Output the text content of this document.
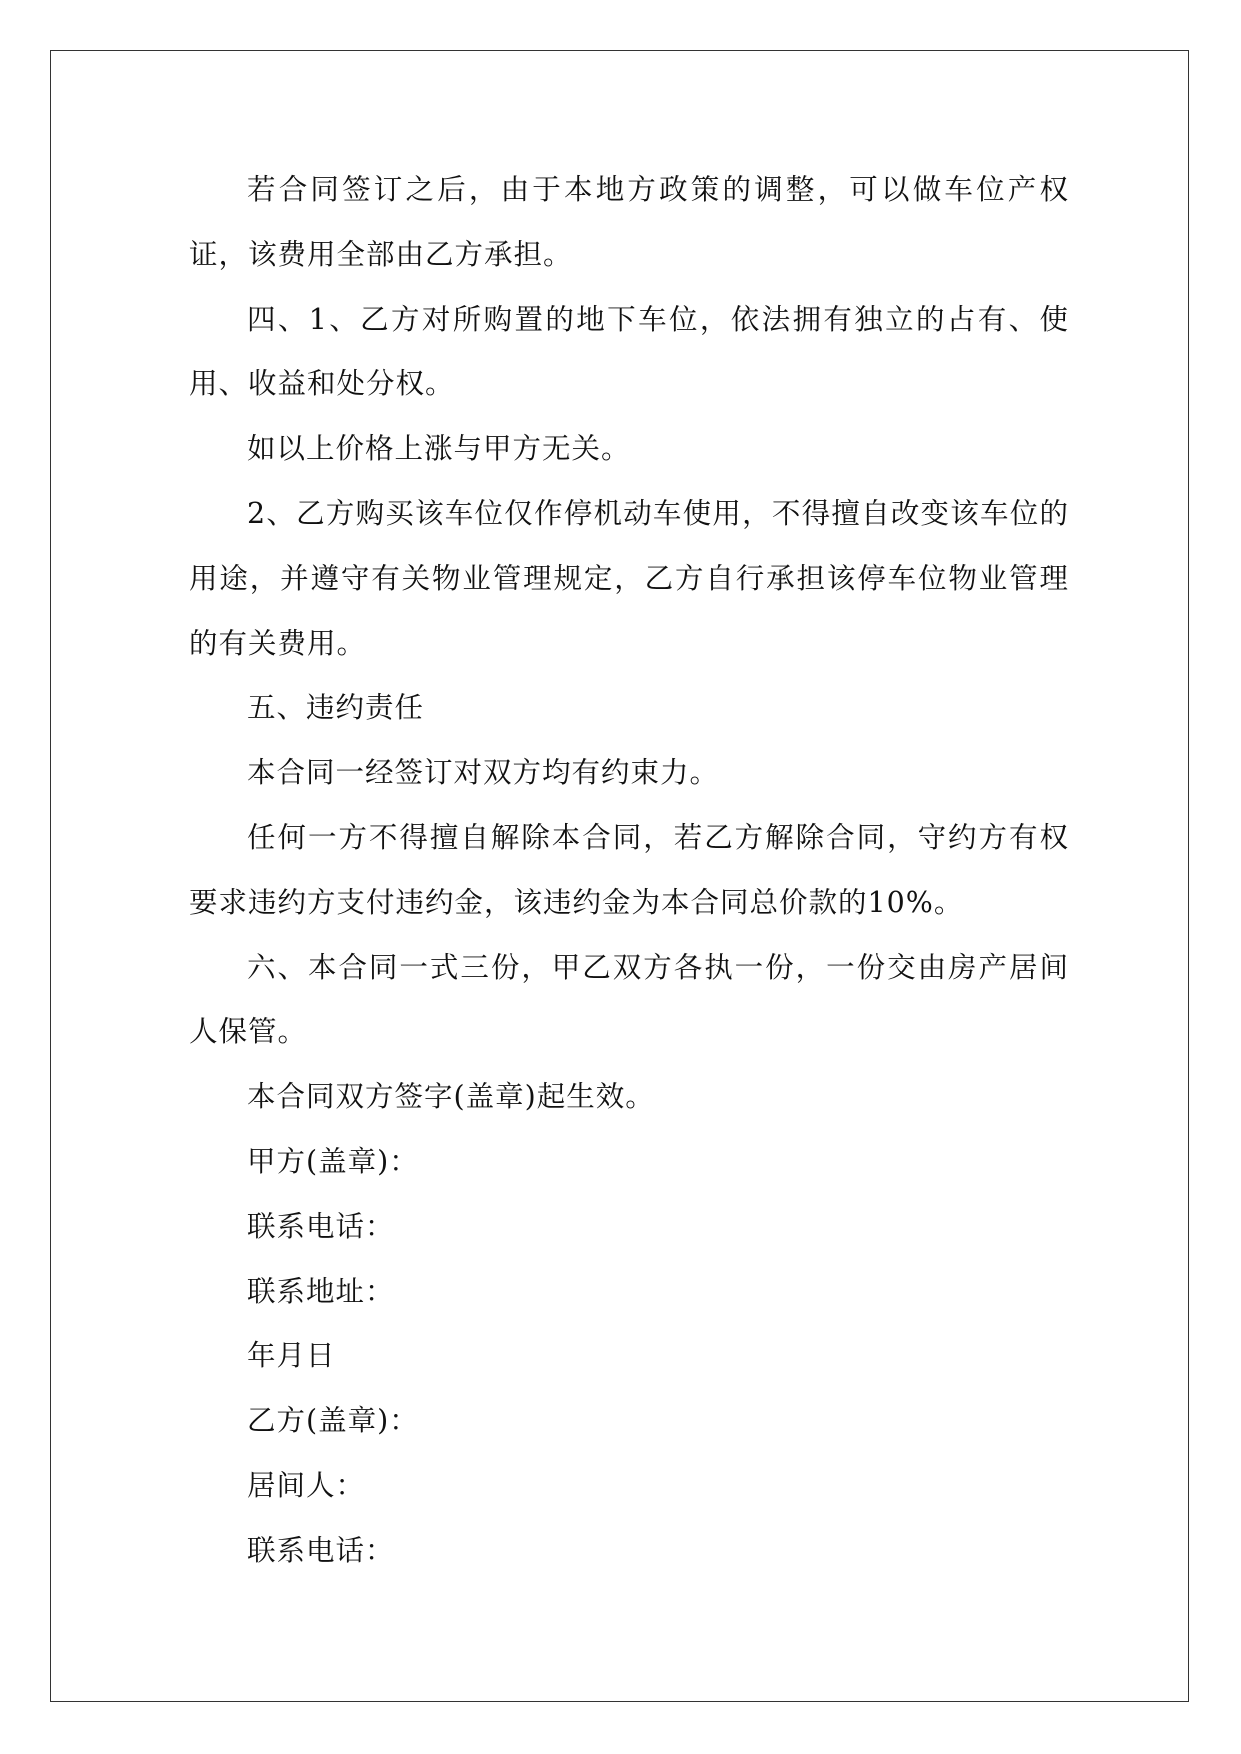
若合同签订之后，由于本地方政策的调整，可以做车位产权证，该费用全部由乙方承担。

四、1、乙方对所购置的地下车位，依法拥有独立的占有、使用、收益和处分权。

如以上价格上涨与甲方无关。

2、乙方购买该车位仅作停机动车使用，不得擅自改变该车位的用途，并遵守有关物业管理规定，乙方自行承担该停车位物业管理的有关费用。

五、违约责任

本合同一经签订对双方均有约束力。

任何一方不得擅自解除本合同，若乙方解除合同，守约方有权要求违约方支付违约金，该违约金为本合同总价款的10%。

六、本合同一式三份，甲乙双方各执一份，一份交由房产居间人保管。

本合同双方签字(盖章)起生效。

甲方(盖章)：

联系电话：

联系地址：

年月日

乙方(盖章)：

居间人：

联系电话：
